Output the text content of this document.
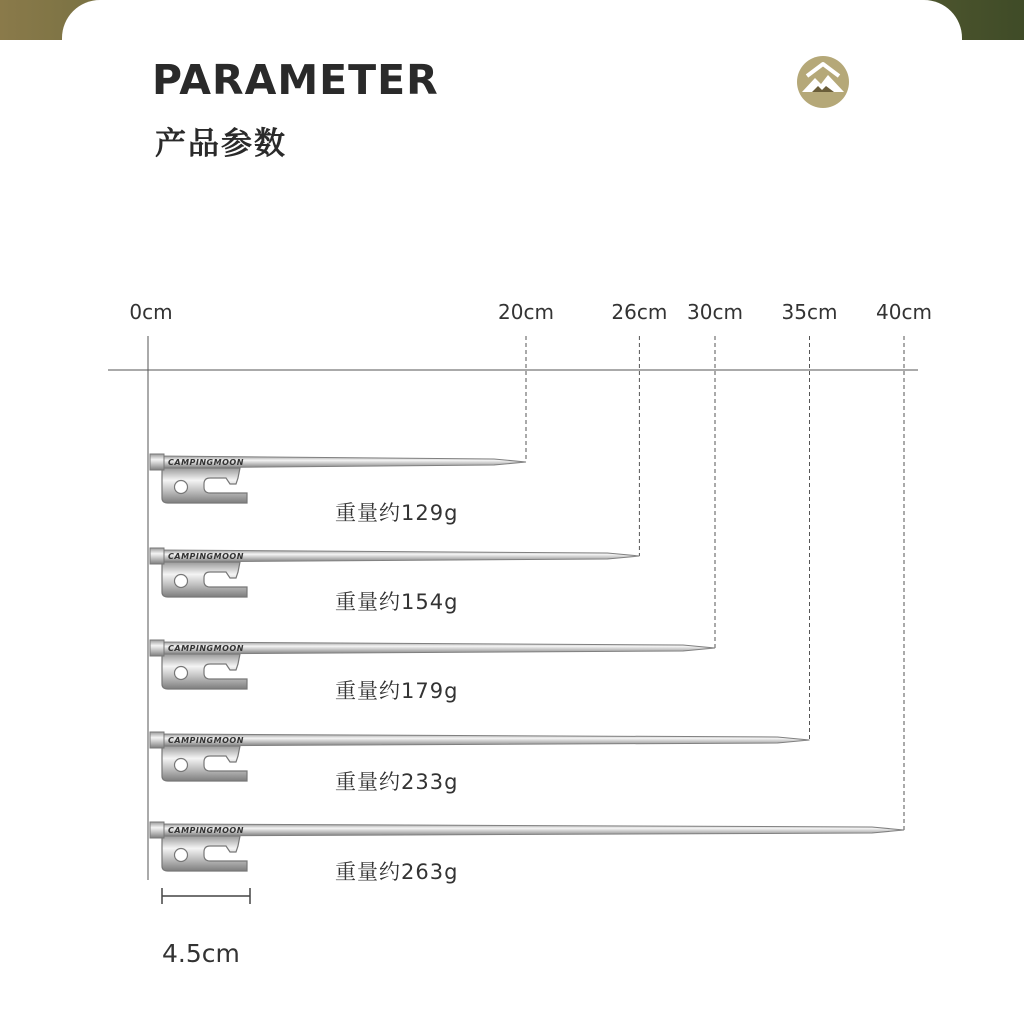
PARAMETER
产品参数
0cm	20cm	26cm 30cm 35cm 40cm
CAMPINGMOON
重量约129g
CAMPINGMOON
重量约154g
CAMPINGMOON
重量约179g
CAMPINGMOON
重量约233g
CAMPINGMOON
重量约263g
4.5cm
